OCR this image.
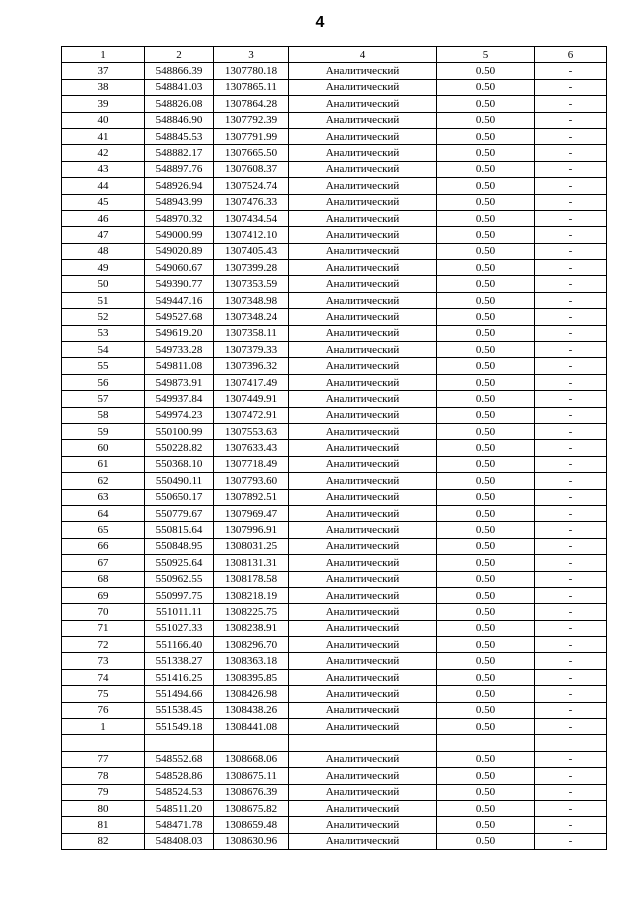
4
1	2	3	4	5	6
37	548866.39	1307780.18	Аналитический	0.50	-
38	548841.03	1307865.11	Аналитический	0.50	-
39	548826.08	1307864.28	Аналитический	0.50	-
40	548846.90	1307792.39	Аналитический	0.50	-
41	548845.53	1307791.99	Аналитический	0.50	-
42	548882.17	1307665.50	Аналитический	0.50	-
43	548897.76	1307608.37	Аналитический	0.50	-
44	548926.94	1307524.74	Аналитический	0.50	-
45	548943.99	1307476.33	Аналитический	0.50	-
46	548970.32	1307434.54	Аналитический	0.50	-
47	549000.99	1307412.10	Аналитический	0.50	-
48	549020.89	1307405.43	Аналитический	0.50	-
49	549060.67	1307399.28	Аналитический	0.50	-
50	549390.77	1307353.59	Аналитический	0.50	-
51	549447.16	1307348.98	Аналитический	0.50	-
52	549527.68	1307348.24	Аналитический	0.50	-
53	549619.20	1307358.11	Аналитический	0.50	-
54	549733.28	1307379.33	Аналитический	0.50	-
55	549811.08	1307396.32	Аналитический	0.50	-
56	549873.91	1307417.49	Аналитический	0.50	-
57	549937.84	1307449.91	Аналитический	0.50	-
58	549974.23	1307472.91	Аналитический	0.50	-
59	550100.99	1307553.63	Аналитический	0.50	-
60	550228.82	1307633.43	Аналитический	0.50	-
61	550368.10	1307718.49	Аналитический	0.50	-
62	550490.11	1307793.60	Аналитический	0.50	-
63	550650.17	1307892.51	Аналитический	0.50	-
64	550779.67	1307969.47	Аналитический	0.50	-
65	550815.64	1307996.91	Аналитический	0.50	-
66	550848.95	1308031.25	Аналитический	0.50	-
67	550925.64	1308131.31	Аналитический	0.50	-
68	550962.55	1308178.58	Аналитический	0.50	-
69	550997.75	1308218.19	Аналитический	0.50	-
70	551011.11	1308225.75	Аналитический	0.50	-
71	551027.33	1308238.91	Аналитический	0.50	-
72	551166.40	1308296.70	Аналитический	0.50	-
73	551338.27	1308363.18	Аналитический	0.50	-
74	551416.25	1308395.85	Аналитический	0.50	-
75	551494.66	1308426.98	Аналитический	0.50	-
76	551538.45	1308438.26	Аналитический	0.50	-
1	551549.18	1308441.08	Аналитический	0.50	-

77	548552.68	1308668.06	Аналитический	0.50	-
78	548528.86	1308675.11	Аналитический	0.50	-
79	548524.53	1308676.39	Аналитический	0.50	-
80	548511.20	1308675.82	Аналитический	0.50	-
81	548471.78	1308659.48	Аналитический	0.50	-
82	548408.03	1308630.96	Аналитический	0.50	-
